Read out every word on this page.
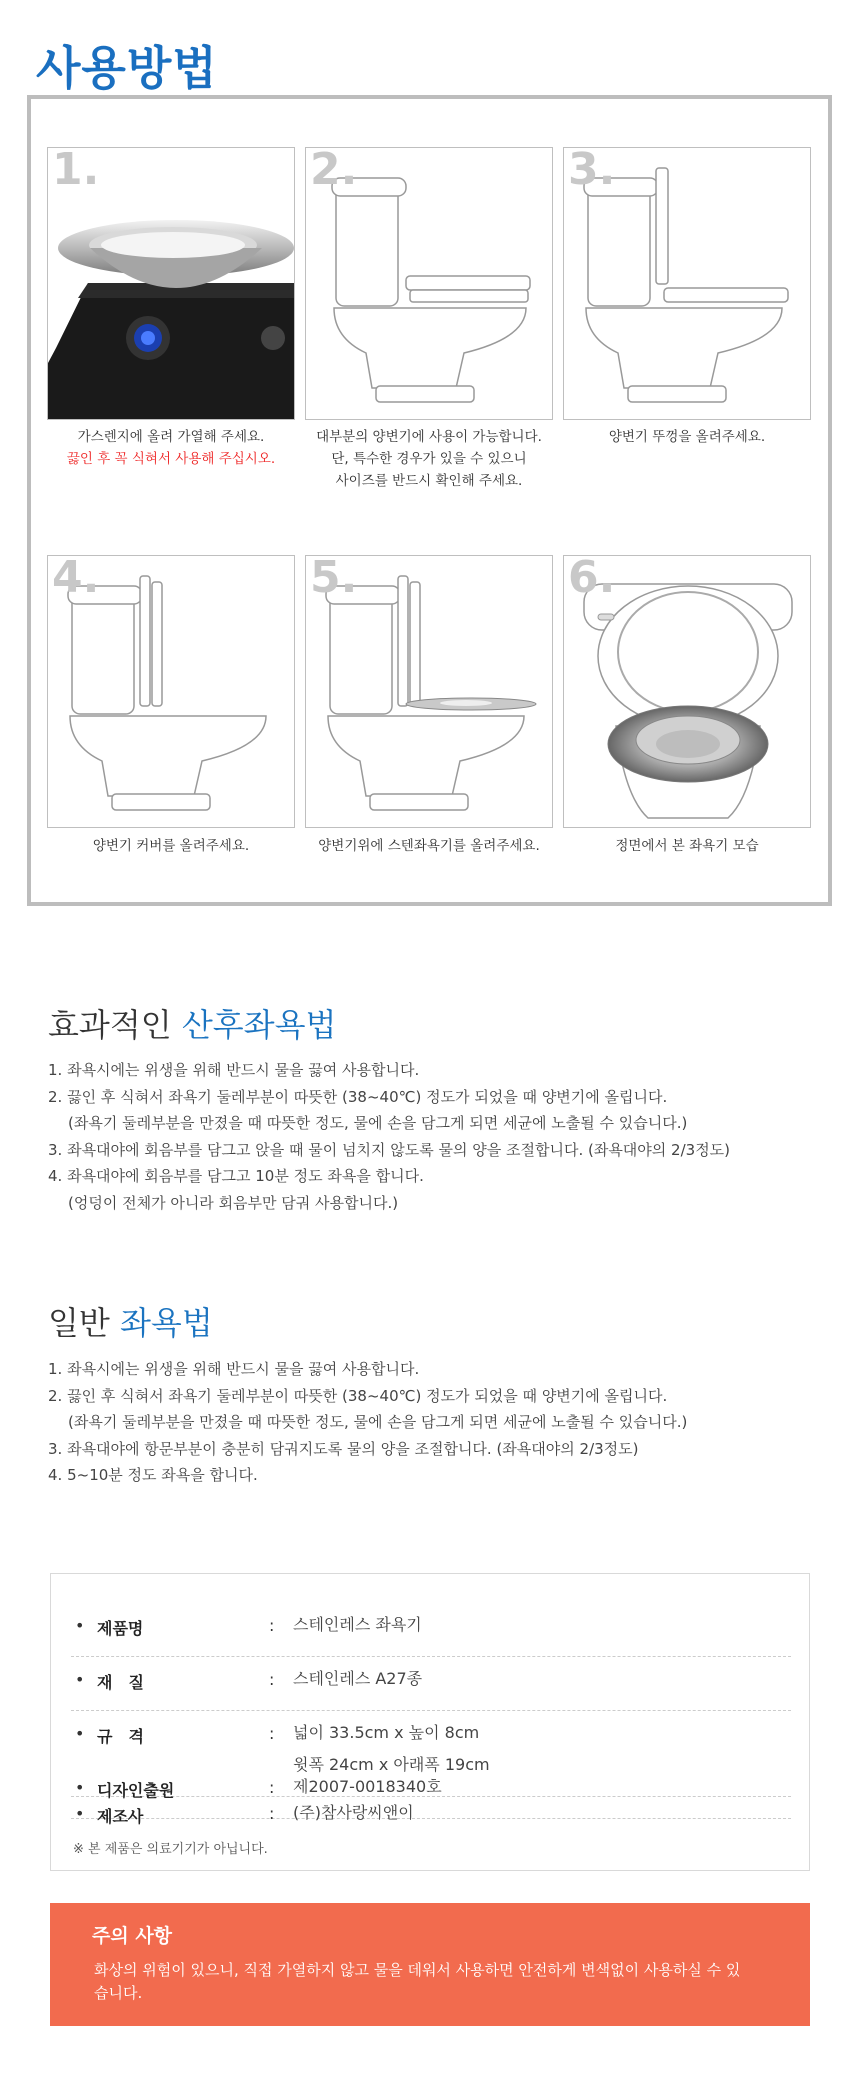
사용방법
1.
가스렌지에 올려 가열해 주세요.
끓인 후 꼭 식혀서 사용해 주십시오.
2.
대부분의 양변기에 사용이 가능합니다.
단, 특수한 경우가 있을 수 있으니
사이즈를 반드시 확인해 주세요.
3.
양변기 뚜껑을 올려주세요.
4.
양변기 커버를 올려주세요.
5.
양변기위에 스텐좌욕기를 올려주세요.
6.
정면에서 본 좌욕기 모습
효과적인 산후좌욕법
1. 좌욕시에는 위생을 위해 반드시 물을 끓여 사용합니다.
2. 끓인 후 식혀서 좌욕기 둘레부분이 따뜻한 (38~40℃) 정도가 되었을 때 양변기에 올립니다.
(좌욕기 둘레부분을 만졌을 때 따뜻한 정도, 물에 손을 담그게 되면 세균에 노출될 수 있습니다.)
3. 좌욕대야에 회음부를 담그고 앉을 때 물이 넘치지 않도록 물의 양을 조절합니다. (좌욕대야의 2/3정도)
4. 좌욕대야에 회음부를 담그고 10분 정도 좌욕을 합니다.
(엉덩이 전체가 아니라 회음부만 담궈 사용합니다.)
일반 좌욕법
1. 좌욕시에는 위생을 위해 반드시 물을 끓여 사용합니다.
2. 끓인 후 식혀서 좌욕기 둘레부분이 따뜻한 (38~40℃) 정도가 되었을 때 양변기에 올립니다.
(좌욕기 둘레부분을 만졌을 때 따뜻한 정도, 물에 손을 담그게 되면 세균에 노출될 수 있습니다.)
3. 좌욕대야에 항문부분이 충분히 담궈지도록 물의 양을 조절합니다. (좌욕대야의 2/3정도)
4. 5~10분 정도 좌욕을 합니다.
• 제품명	: 스테인레스 좌욕기
• 재　질	: 스테인레스 A27종
• 규　격	: 넓이 33.5cm x 높이 8cm
윗폭 24cm x 아래폭 19cm
• 디자인출원	: 제2007-0018340호
• 제조사	: (주)참사랑씨앤이
※ 본 제품은 의료기기가 아닙니다.
주의 사항
화상의 위험이 있으니, 직접 가열하지 않고 물을 데워서 사용하면 안전하게 변색없이 사용하실 수 있습니다.
